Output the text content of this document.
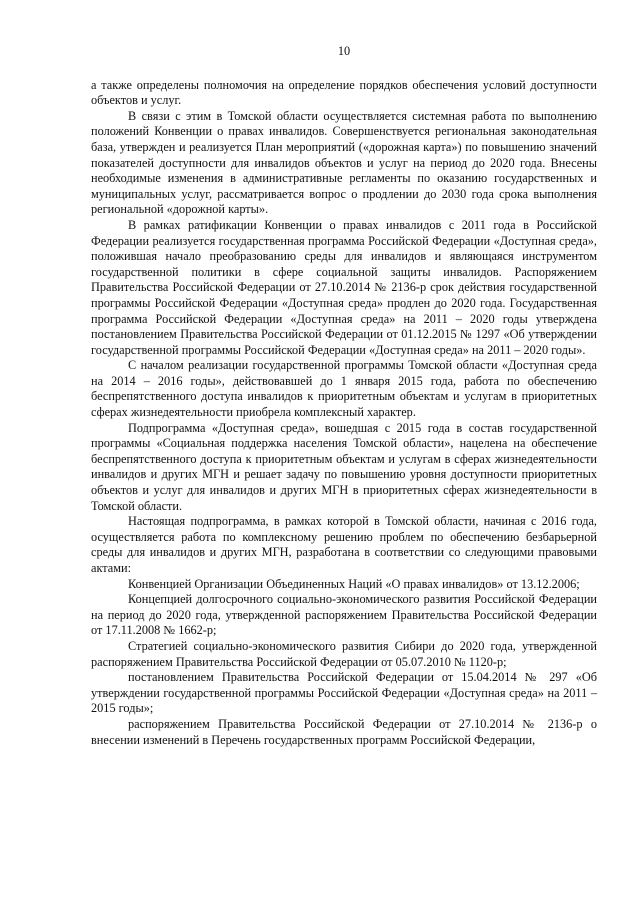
10

а также определены полномочия на определение порядков обеспечения условий доступности объектов и услуг.

В связи с этим в Томской области осуществляется системная работа по выполнению положений Конвенции о правах инвалидов. Совершенствуется региональная законодательная база, утвержден и реализуется План мероприятий («дорожная карта») по повышению значений показателей доступности для инвалидов объектов и услуг на период до 2020 года. Внесены необходимые изменения в административные регламенты по оказанию государственных и муниципальных услуг, рассматривается вопрос о продлении до 2030 года срока выполнения региональной «дорожной карты».

В рамках ратификации Конвенции о правах инвалидов с 2011 года в Российской Федерации реализуется государственная программа Российской Федерации «Доступная среда», положившая начало преобразованию среды для инвалидов и являющаяся инструментом государственной политики в сфере социальной защиты инвалидов. Распоряжением Правительства Российской Федерации от 27.10.2014 № 2136-р срок действия государственной программы Российской Федерации «Доступная среда» продлен до 2020 года. Государственная программа Российской Федерации «Доступная среда» на 2011 – 2020 годы утверждена постановлением Правительства Российской Федерации от 01.12.2015 № 1297 «Об утверждении государственной программы Российской Федерации «Доступная среда» на 2011 – 2020 годы».

С началом реализации государственной программы Томской области «Доступная среда на 2014 – 2016 годы», действовавшей до 1 января 2015 года, работа по обеспечению беспрепятственного доступа инвалидов к приоритетным объектам и услугам в приоритетных сферах жизнедеятельности приобрела комплексный характер.

Подпрограмма «Доступная среда», вошедшая с 2015 года в состав государственной программы «Социальная поддержка населения Томской области», нацелена на обеспечение беспрепятственного доступа к приоритетным объектам и услугам в сферах жизнедеятельности инвалидов и других МГН и решает задачу по повышению уровня доступности приоритетных объектов и услуг для инвалидов и других МГН в приоритетных сферах жизнедеятельности в Томской области.

Настоящая подпрограмма, в рамках которой в Томской области, начиная с 2016 года, осуществляется работа по комплексному решению проблем по обеспечению безбарьерной среды для инвалидов и других МГН, разработана в соответствии со следующими правовыми актами:

Конвенцией Организации Объединенных Наций «О правах инвалидов» от 13.12.2006;

Концепцией долгосрочного социально-экономического развития Российской Федерации на период до 2020 года, утвержденной распоряжением Правительства Российской Федерации от 17.11.2008 № 1662-р;

Стратегией социально-экономического развития Сибири до 2020 года, утвержденной распоряжением Правительства Российской Федерации от 05.07.2010 № 1120-р;

постановлением Правительства Российской Федерации от 15.04.2014 № 297 «Об утверждении государственной программы Российской Федерации «Доступная среда» на 2011 – 2015 годы»;

распоряжением Правительства Российской Федерации от 27.10.2014 № 2136-р о внесении изменений в Перечень государственных программ Российской Федерации,
